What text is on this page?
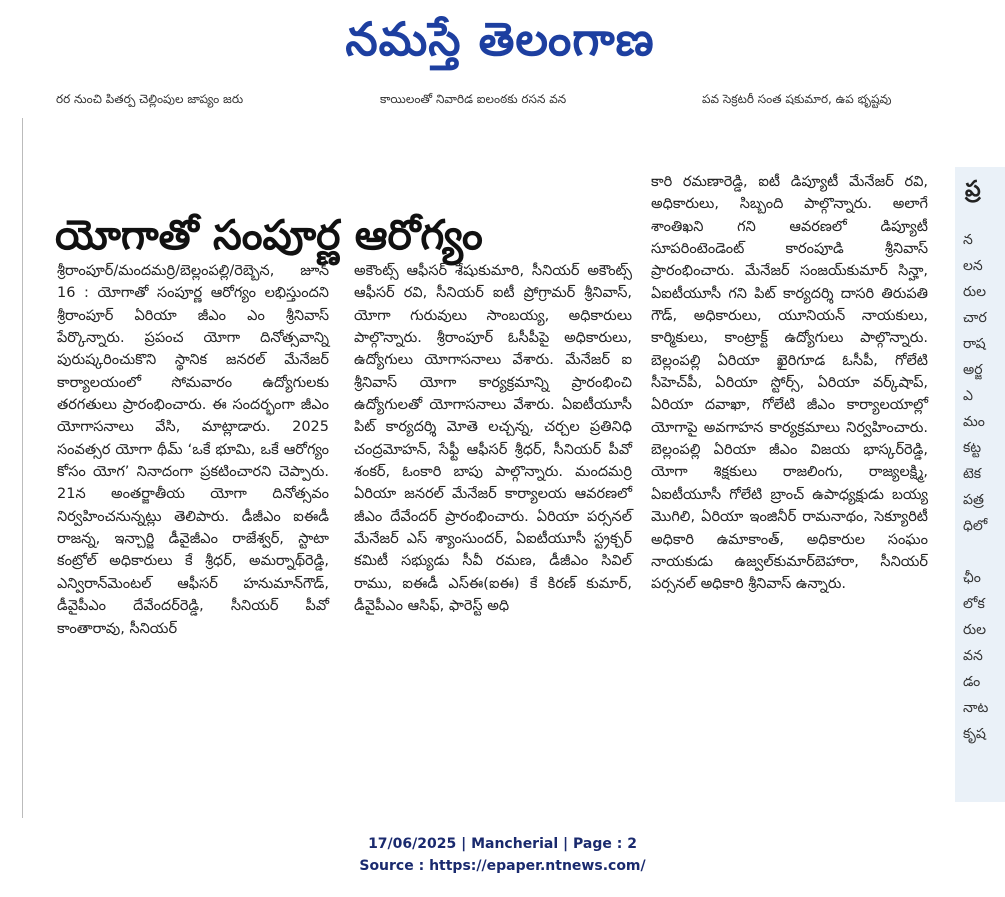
నమస్తే తెలంగాణ
రర నుంచి పితర్ప చెల్లింపుల జాప్యం జరు	కాయిలంతో నివారిడ ఐలంఠకు రసన వన	పవ సెక్రటరీ సంత షకుమార, ఉప భృష్టవు
యోగాతో సంపూర్ణ ఆరోగ్యం

శ్రీరాంపూర్/మందమర్రి/బెల్లంపల్లి/రెబ్బెన, జూన్ 16 : యోగాతో సంపూర్ణ ఆరోగ్యం లభిస్తుందని శ్రీరాంపూర్ ఏరియా జీఎం ఎం శ్రీనివాస్ పేర్కొన్నారు. ప్రపంచ యోగా దినోత్సవాన్ని పురుష్కరించుకొని స్థానిక జనరల్ మేనేజర్ కార్యాలయంలో సోమవారం ఉద్యోగులకు తరగతులు ప్రారంభించారు. ఈ సందర్భంగా జీఎం యోగాసనాలు వేసి, మాట్లాడారు. 2025 సంవత్సర యోగా థీమ్ ‘ఒకే భూమి, ఒకే ఆరోగ్యం కోసం యోగ’ నినాదంగా ప్రకటించారని చెప్పారు. 21న అంతర్జాతీయ యోగా దినోత్సవం నిర్వహించనున్నట్లు తెలిపారు. డీజీఎం ఐఈడీ రాజన్న, ఇన్చార్జి డీవైజీఎం రాజేశ్వర్, స్టాటా కంట్రోల్ అధికారులు కే శ్రీధర్, అమర్నాథ్‌రెడ్డి, ఎన్విరాన్‌మెంటల్ ఆఫీసర్ హనుమాన్‌గౌడ్, డీవైపీఎం దేవేందర్‌రెడ్డి, సీనియర్ పీవో కాంతారావు, సీనియర్

అకౌంట్స్ ఆఫీసర్ శేషుకుమారి, సీనియర్ అకౌంట్స్ ఆఫీసర్ రవి, సీనియర్ ఐటీ ప్రోగ్రామర్ శ్రీనివాస్, యోగా గురువులు సాంబయ్య, అధికారులు పాల్గొన్నారు. శ్రీరాంపూర్ ఓసీపీపై అధికారులు, ఉద్యోగులు యోగాసనాలు వేశారు. మేనేజర్ ఐ శ్రీనివాస్ యోగా కార్యక్రమాన్ని ప్రారంభించి ఉద్యోగులతో యోగాసనాలు వేశారు. ఏఐటీయూసీ పిట్ కార్యదర్శి మోతె లచ్చన్న, చర్చల ప్రతినిధి చంద్రమోహన్, సేఫ్టీ ఆఫీసర్ శ్రీధర్, సీనియర్ పీవో శంకర్, ఓంకారి బాపు పాల్గొన్నారు. మందమర్రి ఏరియా జనరల్ మేనేజర్ కార్యాలయ ఆవరణలో జీఎం దేవేందర్ ప్రారంభించారు. ఏరియా పర్సనల్ మేనేజర్ ఎస్ శ్యాంసుందర్, ఏఐటీయూసీ స్ట్రక్చర్ కమిటీ సభ్యుడు సీవీ రమణ, డీజీఎం సివిల్ రాము, ఐఈడీ ఎస్ఈ(ఐఈ) కే కిరణ్ కుమార్, డీవైపీఎం ఆసిఫ్, ఫారెస్ట్ అధి

కారి రమణారెడ్డి, ఐటీ డిప్యూటీ మేనేజర్ రవి, అధికారులు, సిబ్బంది పాల్గొన్నారు. అలాగే శాంతిఖని గని ఆవరణలో డిప్యూటీ సూపరింటెండెంట్ కారంపూడి శ్రీనివాస్ ప్రారంభించారు. మేనేజర్ సంజయ్‌కుమార్ సిన్హా, ఏఐటీయూసీ గని పిట్ కార్యదర్శి దాసరి తిరుపతి గౌడ్, అధికారులు, యూనియన్ నాయకులు, కార్మికులు, కాంట్రాక్ట్ ఉద్యోగులు పాల్గొన్నారు. బెల్లంపల్లి ఏరియా ఖైరిగూడ ఓసీపీ, గోలేటి సీహెచ్‌పీ, ఏరియా స్టోర్స్, ఏరియా వర్క్‌షాప్, ఏరియా దవాఖా, గోలేటి జీఎం కార్యాలయాల్లో యోగాపై అవగాహన కార్యక్రమాలు నిర్వహించారు. బెల్లంపల్లి ఏరియా జీఎం విజయ భాస్కర్‌రెడ్డి, యోగా శిక్షకులు రాజలింగు, రాజ్యలక్ష్మి, ఏఐటీయూసీ గోలేటి బ్రాంచ్ ఉపాధ్యక్షుడు బయ్య మొగిలి, ఏరియా ఇంజినీర్ రామనాథం, సెక్యూరిటీ అధికారి ఉమాకాంత్, అధికారుల సంఘం నాయకుడు ఉజ్వల్‌కుమార్‌బెహారా, సీనియర్ పర్సనల్ అధికారి శ్రీనివాస్ ఉన్నారు.

ప్ర
న
లన
రుల
చార
రాష
అర్జ
ఎ
మం
కట్ట
టెక
పత్ర
ధిలో

ఛీం
లోక
రుల
వన
డం
నాట
కృష
17/06/2025 | Mancherial | Page : 2
Source : https://epaper.ntnews.com/
